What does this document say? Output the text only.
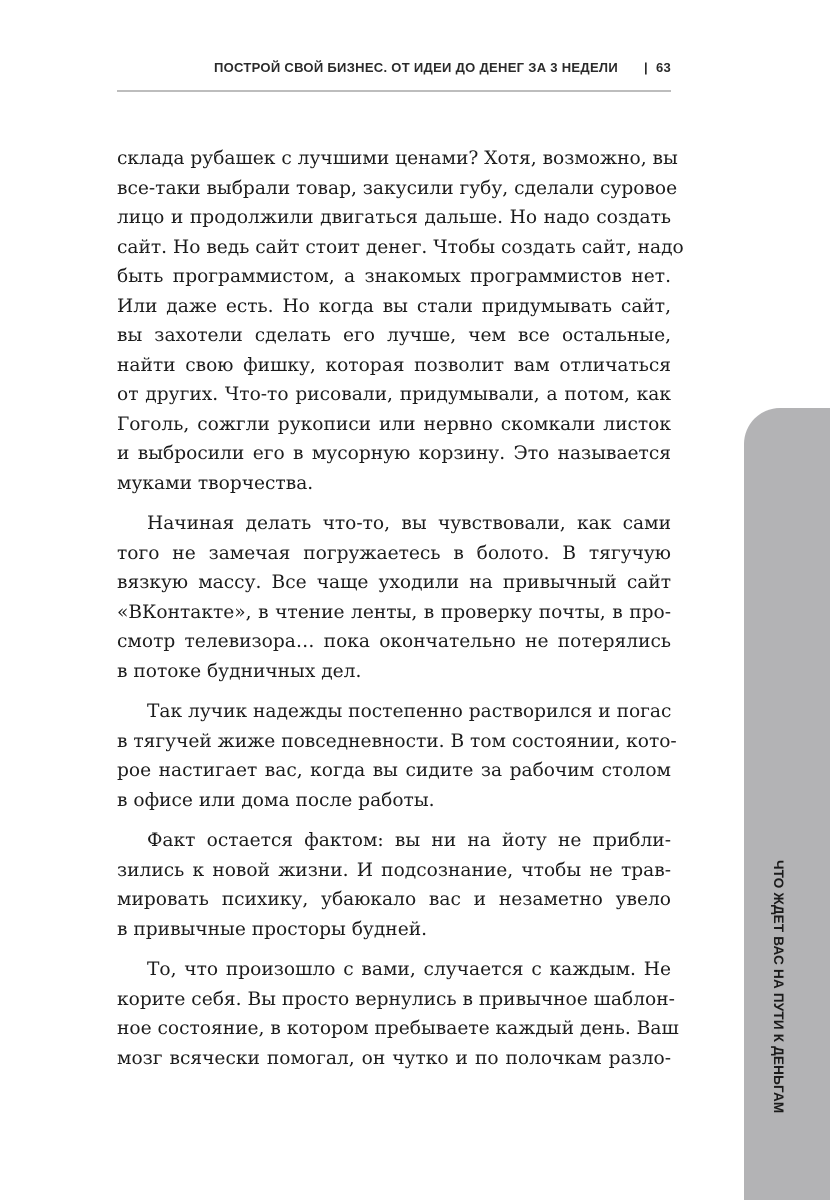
ПОСТРОЙ СВОЙ БИЗНЕС. ОТ ИДЕИ ДО ДЕНЕГ ЗА 3 НЕДЕЛИ | 63

склада рубашек с лучшими ценами? Хотя, возможно, вы
все-таки выбрали товар, закусили губу, сделали суровое
лицо и продолжили двигаться дальше. Но надо создать
сайт. Но ведь сайт стоит денег. Чтобы создать сайт, надо
быть программистом, а знакомых программистов нет.
Или даже есть. Но когда вы стали придумывать сайт,
вы захотели сделать его лучше, чем все остальные,
найти свою фишку, которая позволит вам отличаться
от других. Что-то рисовали, придумывали, а потом, как
Гоголь, сожгли рукописи или нервно скомкали листок
и выбросили его в мусорную корзину. Это называется
муками творчества.

Начиная делать что-то, вы чувствовали, как сами
того не замечая погружаетесь в болото. В тягучую
вязкую массу. Все чаще уходили на привычный сайт
«ВКонтакте», в чтение ленты, в проверку почты, в про-
смотр телевизора… пока окончательно не потерялись
в потоке будничных дел.

Так лучик надежды постепенно растворился и погас
в тягучей жиже повседневности. В том состоянии, кото-
рое настигает вас, когда вы сидите за рабочим столом
в офисе или дома после работы.

Факт остается фактом: вы ни на йоту не прибли-
зились к новой жизни. И подсознание, чтобы не трав-
мировать психику, убаюкало вас и незаметно увело
в привычные просторы будней.

То, что произошло с вами, случается с каждым. Не
корите себя. Вы просто вернулись в привычное шаблон-
ное состояние, в котором пребываете каждый день. Ваш
мозг всячески помогал, он чутко и по полочкам разло-	ЧТО ЖДЕТ ВАС НА ПУТИ К ДЕНЬГАМ
